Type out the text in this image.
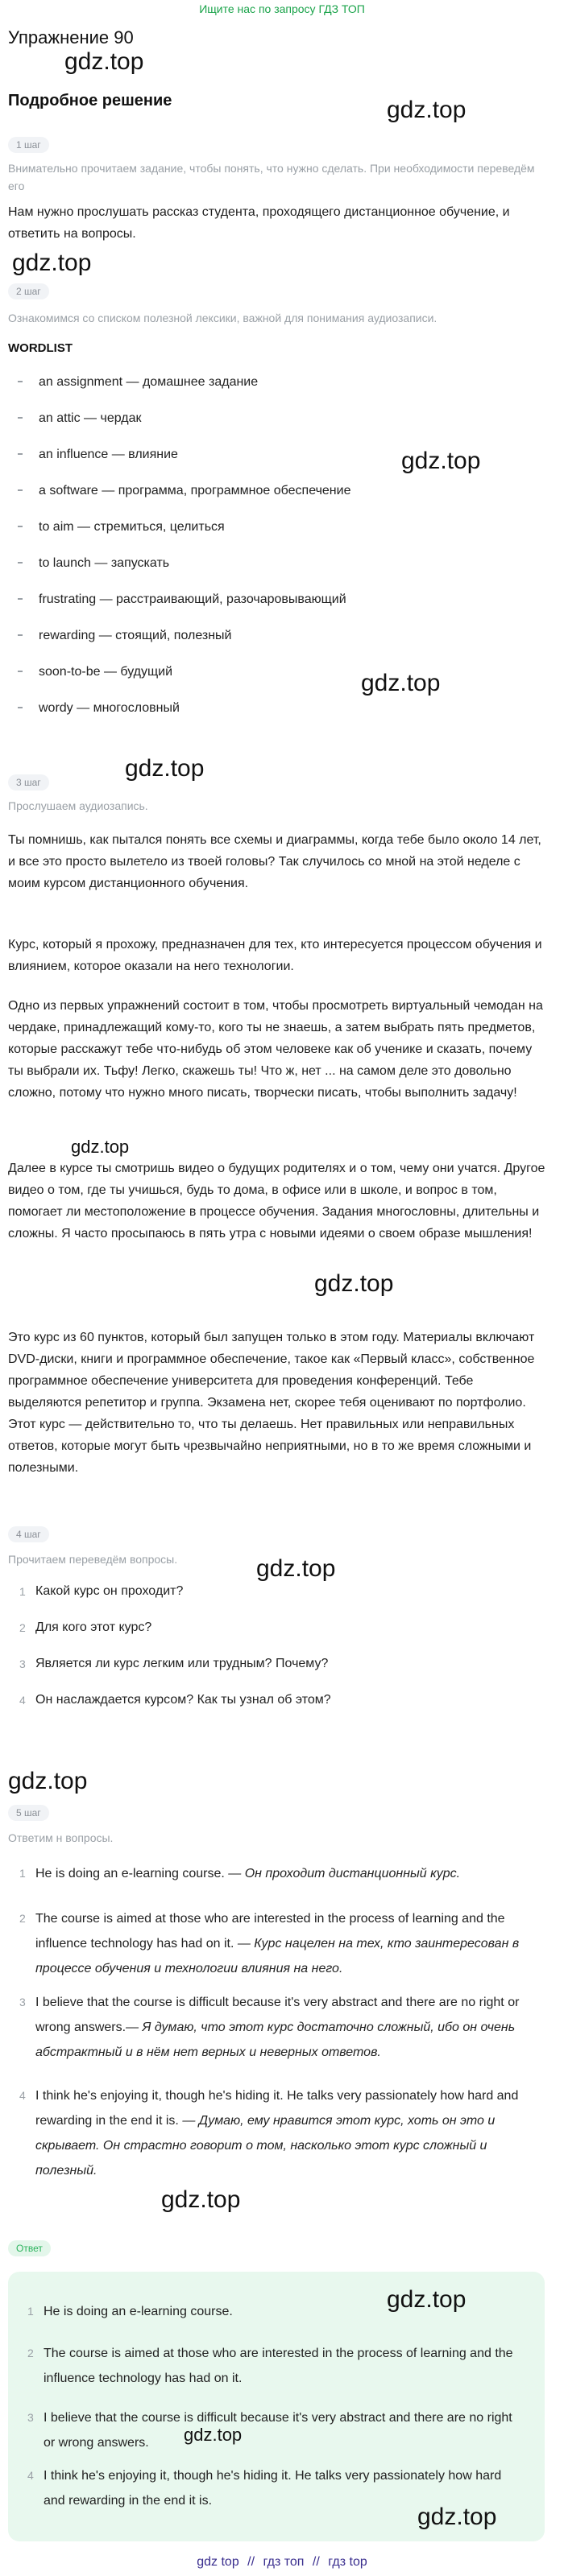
Ищите нас по запросу ГДЗ ТОП
Упражнение 90
Подробное решение
gdz.top
gdz.top
gdz.top
gdz.top
gdz.top
gdz.top
gdz.top
gdz.top
gdz.top
gdz.top
gdz.top
1 шаг
Внимательно прочитаем задание, чтобы понять, что нужно сделать. При необходимости переведём его
Нам нужно прослушать рассказ студента, проходящего дистанционное обучение, и ответить на вопросы.
2 шаг
Ознакомимся со списком полезной лексики, важной для понимания аудиозаписи.
WORDLIST
an assignment — домашнее задание
an attic — чердак
an influence — влияние
a software — программа, программное обеспечение
to aim — стремиться, целиться
to launch — запускать
frustrating — расстраивающий, разочаровывающий
rewarding — стоящий, полезный
soon-to-be — будущий
wordy — многословный
3 шаг
Прослушаем аудиозапись.
Ты помнишь, как пытался понять все схемы и диаграммы, когда тебе было около 14 лет, и все это просто вылетело из твоей головы? Так случилось со мной на этой неделе с моим курсом дистанционного обучения.
Курс, который я прохожу, предназначен для тех, кто интересуется процессом обучения и влиянием, которое оказали на него технологии.
Одно из первых упражнений состоит в том, чтобы просмотреть виртуальный чемодан на чердаке, принадлежащий кому-то, кого ты не знаешь, а затем выбрать пять предметов, которые расскажут тебе что-нибудь об этом человеке как об ученике и сказать, почему ты выбрали их. Тьфу! Легко, скажешь ты! Что ж, нет ... на самом деле это довольно сложно, потому что нужно много писать, творчески писать, чтобы выполнить задачу!
Далее в курсе ты смотришь видео о будущих родителях и о том, чему они учатся. Другое видео о том, где ты учишься, будь то дома, в офисе или в школе, и вопрос в том, помогает ли местоположение в процессе обучения. Задания многословны, длительны и сложны. Я часто просыпаюсь в пять утра с новыми идеями о своем образе мышления!
Это курс из 60 пунктов, который был запущен только в этом году. Материалы включают DVD-диски, книги и программное обеспечение, такое как «Первый класс», собственное программное обеспечение университета для проведения конференций. Тебе выделяются репетитор и группа. Экзамена нет, скорее тебя оценивают по портфолио. Этот курс — действительно то, что ты делаешь. Нет правильных или неправильных ответов, которые могут быть чрезвычайно неприятными, но в то же время сложными и полезными.
4 шаг
Прочитаем переведём вопросы.
1 Какой курс он проходит?
2 Для кого этот курс?
3 Является ли курс легким или трудным? Почему?
4 Он наслаждается курсом? Как ты узнал об этом?
5 шаг
Ответим н вопросы.
1 He is doing an e-learning course. — Он проходит дистанционный курс.
2 The course is aimed at those who are interested in the process of learning and the influence technology has had on it. — Курс нацелен на тех, кто заинтересован в процессе обучения и технологии влияния на него.
3 I believe that the course is difficult because it's very abstract and there are no right or wrong answers.— Я думаю, что этот курс достаточно сложный, ибо он очень абстрактный и в нём нет верных и неверных ответов.
4 I think he's enjoying it, though he's hiding it. He talks very passionately how hard and rewarding in the end it is. — Думаю, ему нравится этот курс, хоть он это и скрывает. Он страстно говорит о том, насколько этот курс сложный и полезный.
Ответ
1 He is doing an e-learning course.
2 The course is aimed at those who are interested in the process of learning and the influence technology has had on it.
3 I believe that the course is difficult because it's very abstract and there are no right or wrong answers.
4 I think he's enjoying it, though he's hiding it. He talks very passionately how hard and rewarding in the end it is.
gdz.top
gdz.top
gdz.top
gdz top // гдз топ // гдз top
